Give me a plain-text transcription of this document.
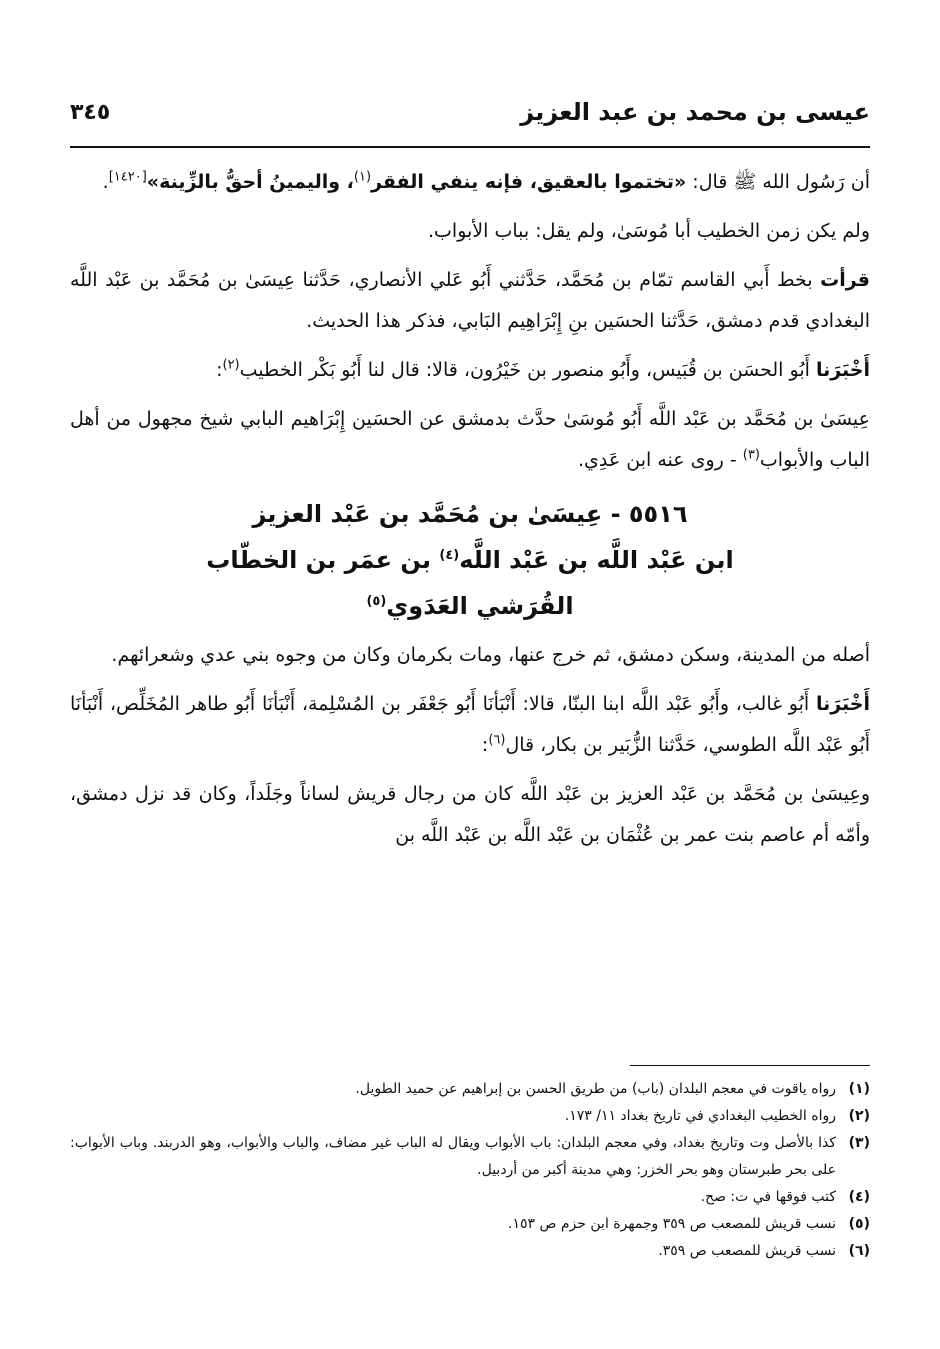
عيسى بن محمد بن عبد العزيز
٣٤٥

أن رَسُول الله ﷺ قال: «تختموا بالعقيق، فإنه ينفي الفقر$^{(١)}$، واليمينُ أحقُّ بالزِّينة»[١٤٢٠].

ولم يكن زمن الخطيب أبا مُوسَىٰ، ولم يقل: بباب الأبواب.

قرأت بخط أَبي القاسم تمّام بن مُحَمَّد، حَدَّثني أَبُو عَلي الأنصاري، حَدَّثنا عِيسَىٰ بن مُحَمَّد بن عَبْد اللَّه البغدادي قدم دمشق، حَدَّثنا الحسَين بنِ إِبْرَاهِيم البَابي، فذكر هذا الحديث.

أَخْبَرَنا أَبُو الحسَن بن قُبَيس، وأَبُو منصور بن خَيْرُون، قالا: قال لنا أَبُو بَكْر الخطيب$^{(٢)}$:

عِيسَىٰ بن مُحَمَّد بن عَبْد اللَّه أَبُو مُوسَىٰ حدَّث بدمشق عن الحسَين إِبْرَاهيم البابي شيخ مجهول من أهل الباب والأبواب$^{(٣)}$ - روى عنه ابن عَدِي.

٥٥١٦ - عِيسَىٰ بن مُحَمَّد بن عَبْد العزيز
ابن عَبْد اللَّه بن عَبْد اللَّه$^{(٤)}$ بن عمَر بن الخطّاب
القُرَشي العَدَوي$^{(٥)}$

أصله من المدينة، وسكن دمشق، ثم خرج عنها، ومات بكرمان وكان من وجوه بني عدي وشعرائهم.

أَخْبَرَنا أَبُو غالب، وأَبُو عَبْد اللَّه ابنا البنّا، قالا: أَنْبَأنَا أَبُو جَعْفَر بن المُسْلِمة، أَنْبَأنَا أَبُو طاهر المُخَلِّص، أَنْبَأنَا أَبُو عَبْد اللَّه الطوسي، حَدَّثنا الزُّبَير بن بكار، قال$^{(٦)}$:

وعِيسَىٰ بن مُحَمَّد بن عَبْد العزيز بن عَبْد اللَّه كان من رجال قريش لساناً وجَلَداً، وكان قد نزل دمشق، وأمّه أم عاصم بنت عمر بن عُثْمَان بن عَبْد اللَّه بن عَبْد اللَّه بن

(١)
رواه ياقوت في معجم البلدان (باب) من طريق الحسن بن إبراهيم عن حميد الطويل.
(٢)
رواه الخطيب البغدادي في تاريخ بغداد ١١/ ١٧٣.
(٣)
كذا بالأصل وت وتاريخ بغداد، وفي معجم البلدان: باب الأبواب ويقال له الباب غير مضاف، والباب والأبواب، وهو الدربند. وباب الأبواب: على بحر طبرستان وهو بحر الخزر: وهي مدينة أكبر من أردبيل.
(٤)
كتب فوقها في ت: صح.
(٥)
نسب قريش للمصعب ص ٣٥٩ وجمهرة ابن حزم ص ١٥٣.
(٦)
نسب قريش للمصعب ص ٣٥٩.
